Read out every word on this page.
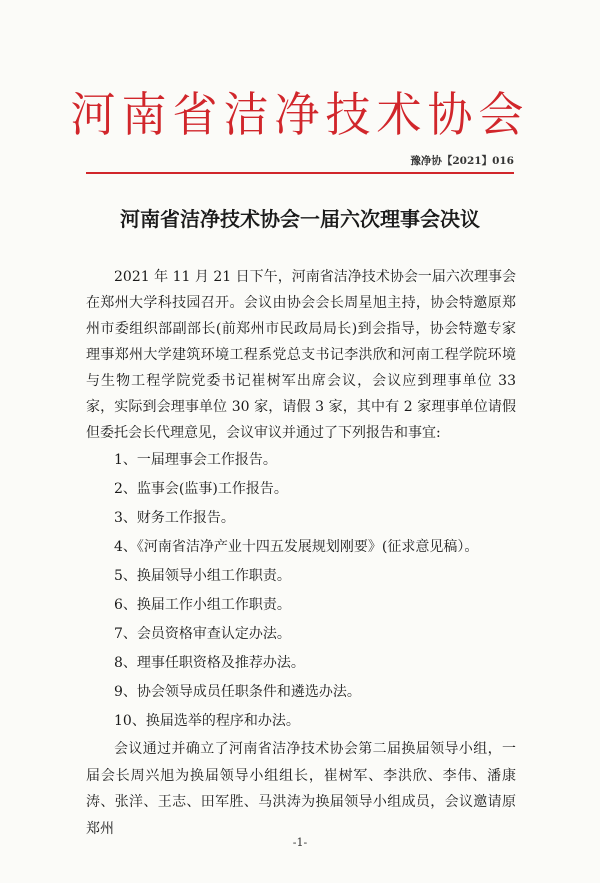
河南省洁净技术协会
豫净协【2021】016
河南省洁净技术协会一届六次理事会决议

2021 年 11 月 21 日下午，河南省洁净技术协会一届六次理事会在郑州大学科技园召开。会议由协会会长周星旭主持，协会特邀原郑州市委组织部副部长(前郑州市民政局局长)到会指导，协会特邀专家理事郑州大学建筑环境工程系党总支书记李洪欣和河南工程学院环境与生物工程学院党委书记崔树军出席会议，会议应到理事单位 33 家，实际到会理事单位 30 家，请假 3 家，其中有 2 家理事单位请假但委托会长代理意见，会议审议并通过了下列报告和事宜:

1、一届理事会工作报告。

2、监事会(监事)工作报告。

3、财务工作报告。

4、《河南省洁净产业十四五发展规划刚要》(征求意见稿）。

5、换届领导小组工作职责。

6、换届工作小组工作职责。

7、会员资格审查认定办法。

8、理事任职资格及推荐办法。

9、协会领导成员任职条件和遴选办法。

10、换届选举的程序和办法。

会议通过并确立了河南省洁净技术协会第二届换届领导小组，一届会长周兴旭为换届领导小组组长，崔树军、李洪欣、李伟、潘康涛、张洋、王志、田军胜、马洪涛为换届领导小组成员，会议邀请原郑州

-1-
